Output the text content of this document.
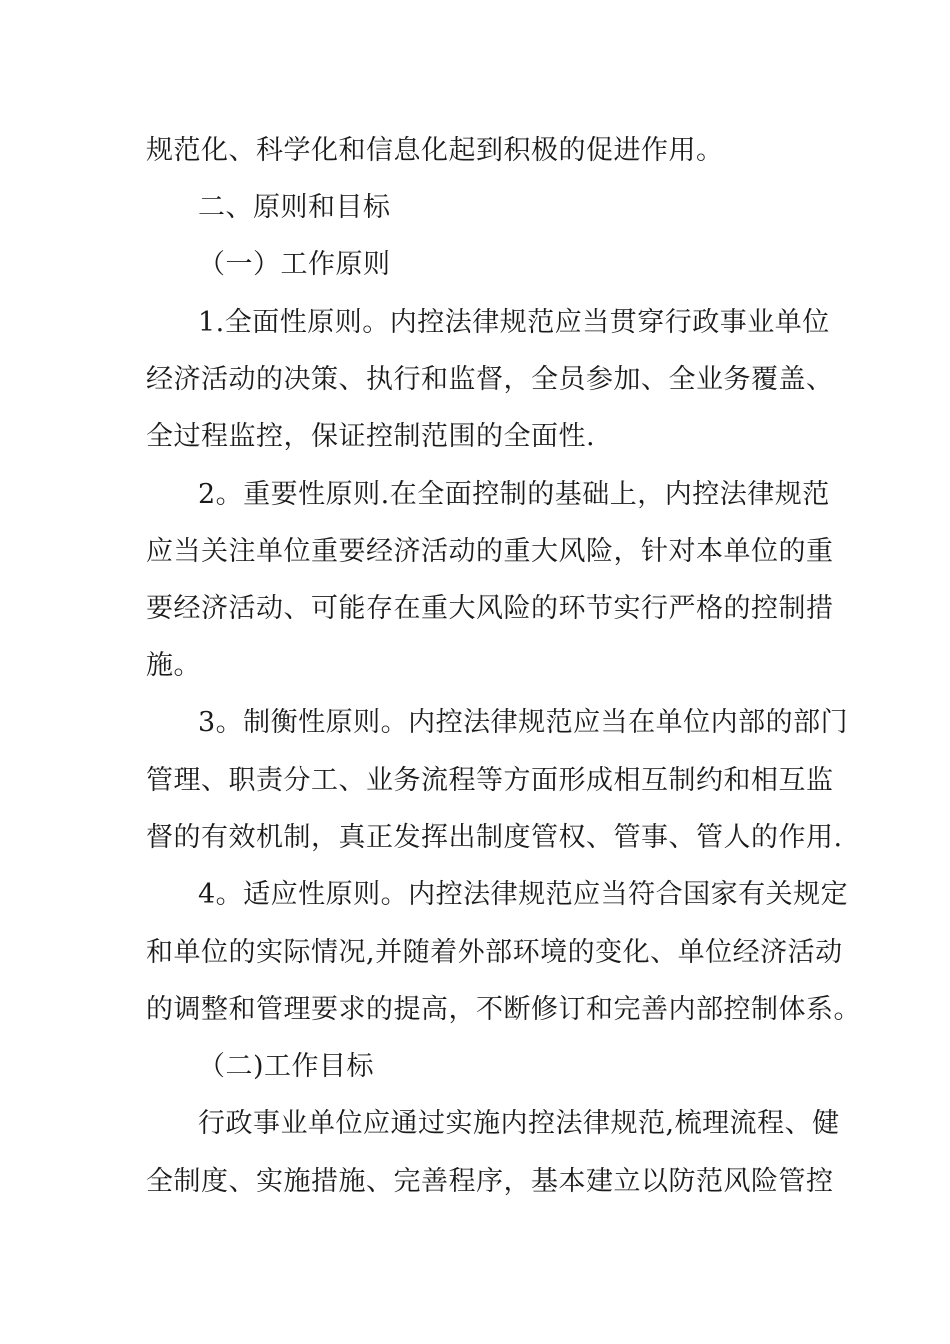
规范化、科学化和信息化起到积极的促进作用。
二、原则和目标
（一）工作原则
1.全面性原则。内控法律规范应当贯穿行政事业单位
经济活动的决策、执行和监督，全员参加、全业务覆盖、
全过程监控，保证控制范围的全面性.
2。重要性原则.在全面控制的基础上，内控法律规范
应当关注单位重要经济活动的重大风险，针对本单位的重
要经济活动、可能存在重大风险的环节实行严格的控制措
施。
3。制衡性原则。内控法律规范应当在单位内部的部门
管理、职责分工、业务流程等方面形成相互制约和相互监
督的有效机制，真正发挥出制度管权、管事、管人的作用.
4。适应性原则。内控法律规范应当符合国家有关规定
和单位的实际情况,并随着外部环境的变化、单位经济活动
的调整和管理要求的提高，不断修订和完善内部控制体系。
（二)工作目标
行政事业单位应通过实施内控法律规范,梳理流程、健
全制度、实施措施、完善程序，基本建立以防范风险管控
